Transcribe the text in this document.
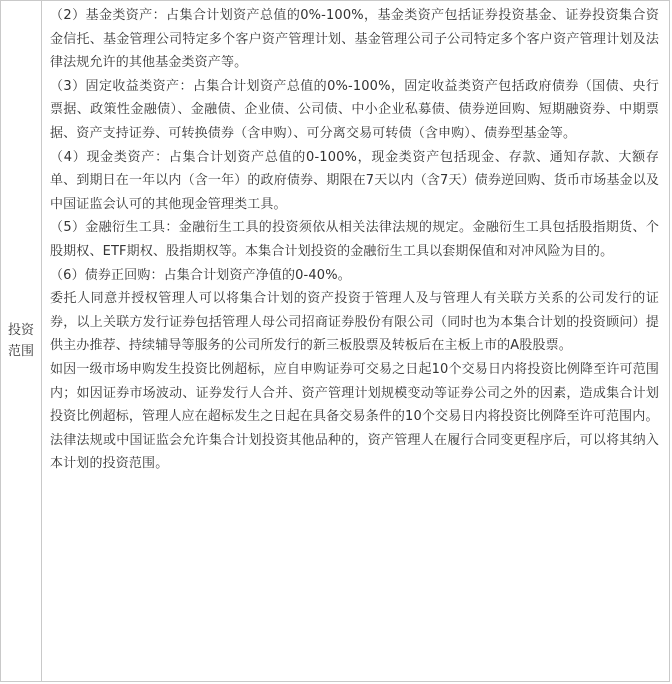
投资范围

（2）基金类资产：占集合计划资产总值的0%-100%，基金类资产包括证券投资基金、证券投资集合资金信托、基金管理公司特定多个客户资产管理计划、基金管理公司子公司特定多个客户资产管理计划及法律法规允许的其他基金类资产等。

（3）固定收益类资产：占集合计划资产总值的0%-100%，固定收益类资产包括政府债券（国债、央行票据、政策性金融债）、金融债、企业债、公司债、中小企业私募债、债券逆回购、短期融资券、中期票据、资产支持证券、可转换债券（含申购）、可分离交易可转债（含申购）、债券型基金等。

（4）现金类资产：占集合计划资产总值的0-100%，现金类资产包括现金、存款、通知存款、大额存单、到期日在一年以内（含一年）的政府债券、期限在7天以内（含7天）债券逆回购、货币市场基金以及中国证监会认可的其他现金管理类工具。

（5）金融衍生工具：金融衍生工具的投资须依从相关法律法规的规定。金融衍生工具包括股指期货、个股期权、ETF期权、股指期权等。本集合计划投资的金融衍生工具以套期保值和对冲风险为目的。

（6）债券正回购：占集合计划资产净值的0-40%。

委托人同意并授权管理人可以将集合计划的资产投资于管理人及与管理人有关联方关系的公司发行的证券，以上关联方发行证券包括管理人母公司招商证券股份有限公司（同时也为本集合计划的投资顾问）提供主办推荐、持续辅导等服务的公司所发行的新三板股票及转板后在主板上市的A股股票。

如因一级市场申购发生投资比例超标，应自申购证券可交易之日起10个交易日内将投资比例降至许可范围内；如因证券市场波动、证券发行人合并、资产管理计划规模变动等证券公司之外的因素，造成集合计划投资比例超标，管理人应在超标发生之日起在具备交易条件的10个交易日内将投资比例降至许可范围内。

法律法规或中国证监会允许集合计划投资其他品种的，资产管理人在履行合同变更程序后，可以将其纳入本计划的投资范围。
